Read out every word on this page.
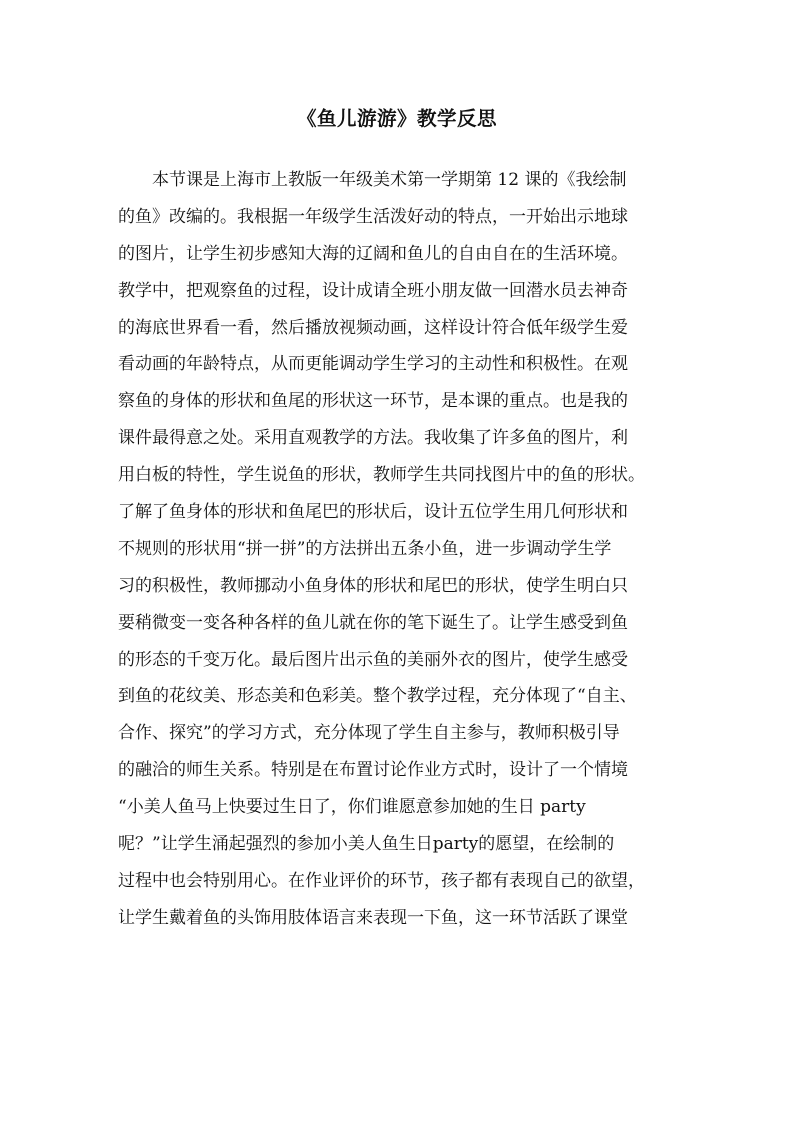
《鱼儿游游》教学反思
　　本节课是上海市上教版一年级美术第一学期第 12 课的《我绘制
的鱼》改编的。我根据一年级学生活泼好动的特点，一开始出示地球
的图片，让学生初步感知大海的辽阔和鱼儿的自由自在的生活环境。
教学中，把观察鱼的过程，设计成请全班小朋友做一回潜水员去神奇
的海底世界看一看，然后播放视频动画，这样设计符合低年级学生爱
看动画的年龄特点，从而更能调动学生学习的主动性和积极性。在观
察鱼的身体的形状和鱼尾的形状这一环节，是本课的重点。也是我的
课件最得意之处。采用直观教学的方法。我收集了许多鱼的图片，利
用白板的特性，学生说鱼的形状，教师学生共同找图片中的鱼的形状。
了解了鱼身体的形状和鱼尾巴的形状后，设计五位学生用几何形状和
不规则的形状用“拼一拼”的方法拼出五条小鱼，进一步调动学生学
习的积极性，教师挪动小鱼身体的形状和尾巴的形状，使学生明白只
要稍微变一变各种各样的鱼儿就在你的笔下诞生了。让学生感受到鱼
的形态的千变万化。最后图片出示鱼的美丽外衣的图片，使学生感受
到鱼的花纹美、形态美和色彩美。整个教学过程，充分体现了“自主、
合作、探究”的学习方式，充分体现了学生自主参与，教师积极引导
的融洽的师生关系。特别是在布置讨论作业方式时，设计了一个情境
“小美人鱼马上快要过生日了，你们谁愿意参加她的生日 party
呢？”让学生涌起强烈的参加小美人鱼生日party的愿望，在绘制的
过程中也会特别用心。在作业评价的环节，孩子都有表现自己的欲望，
让学生戴着鱼的头饰用肢体语言来表现一下鱼，这一环节活跃了课堂
